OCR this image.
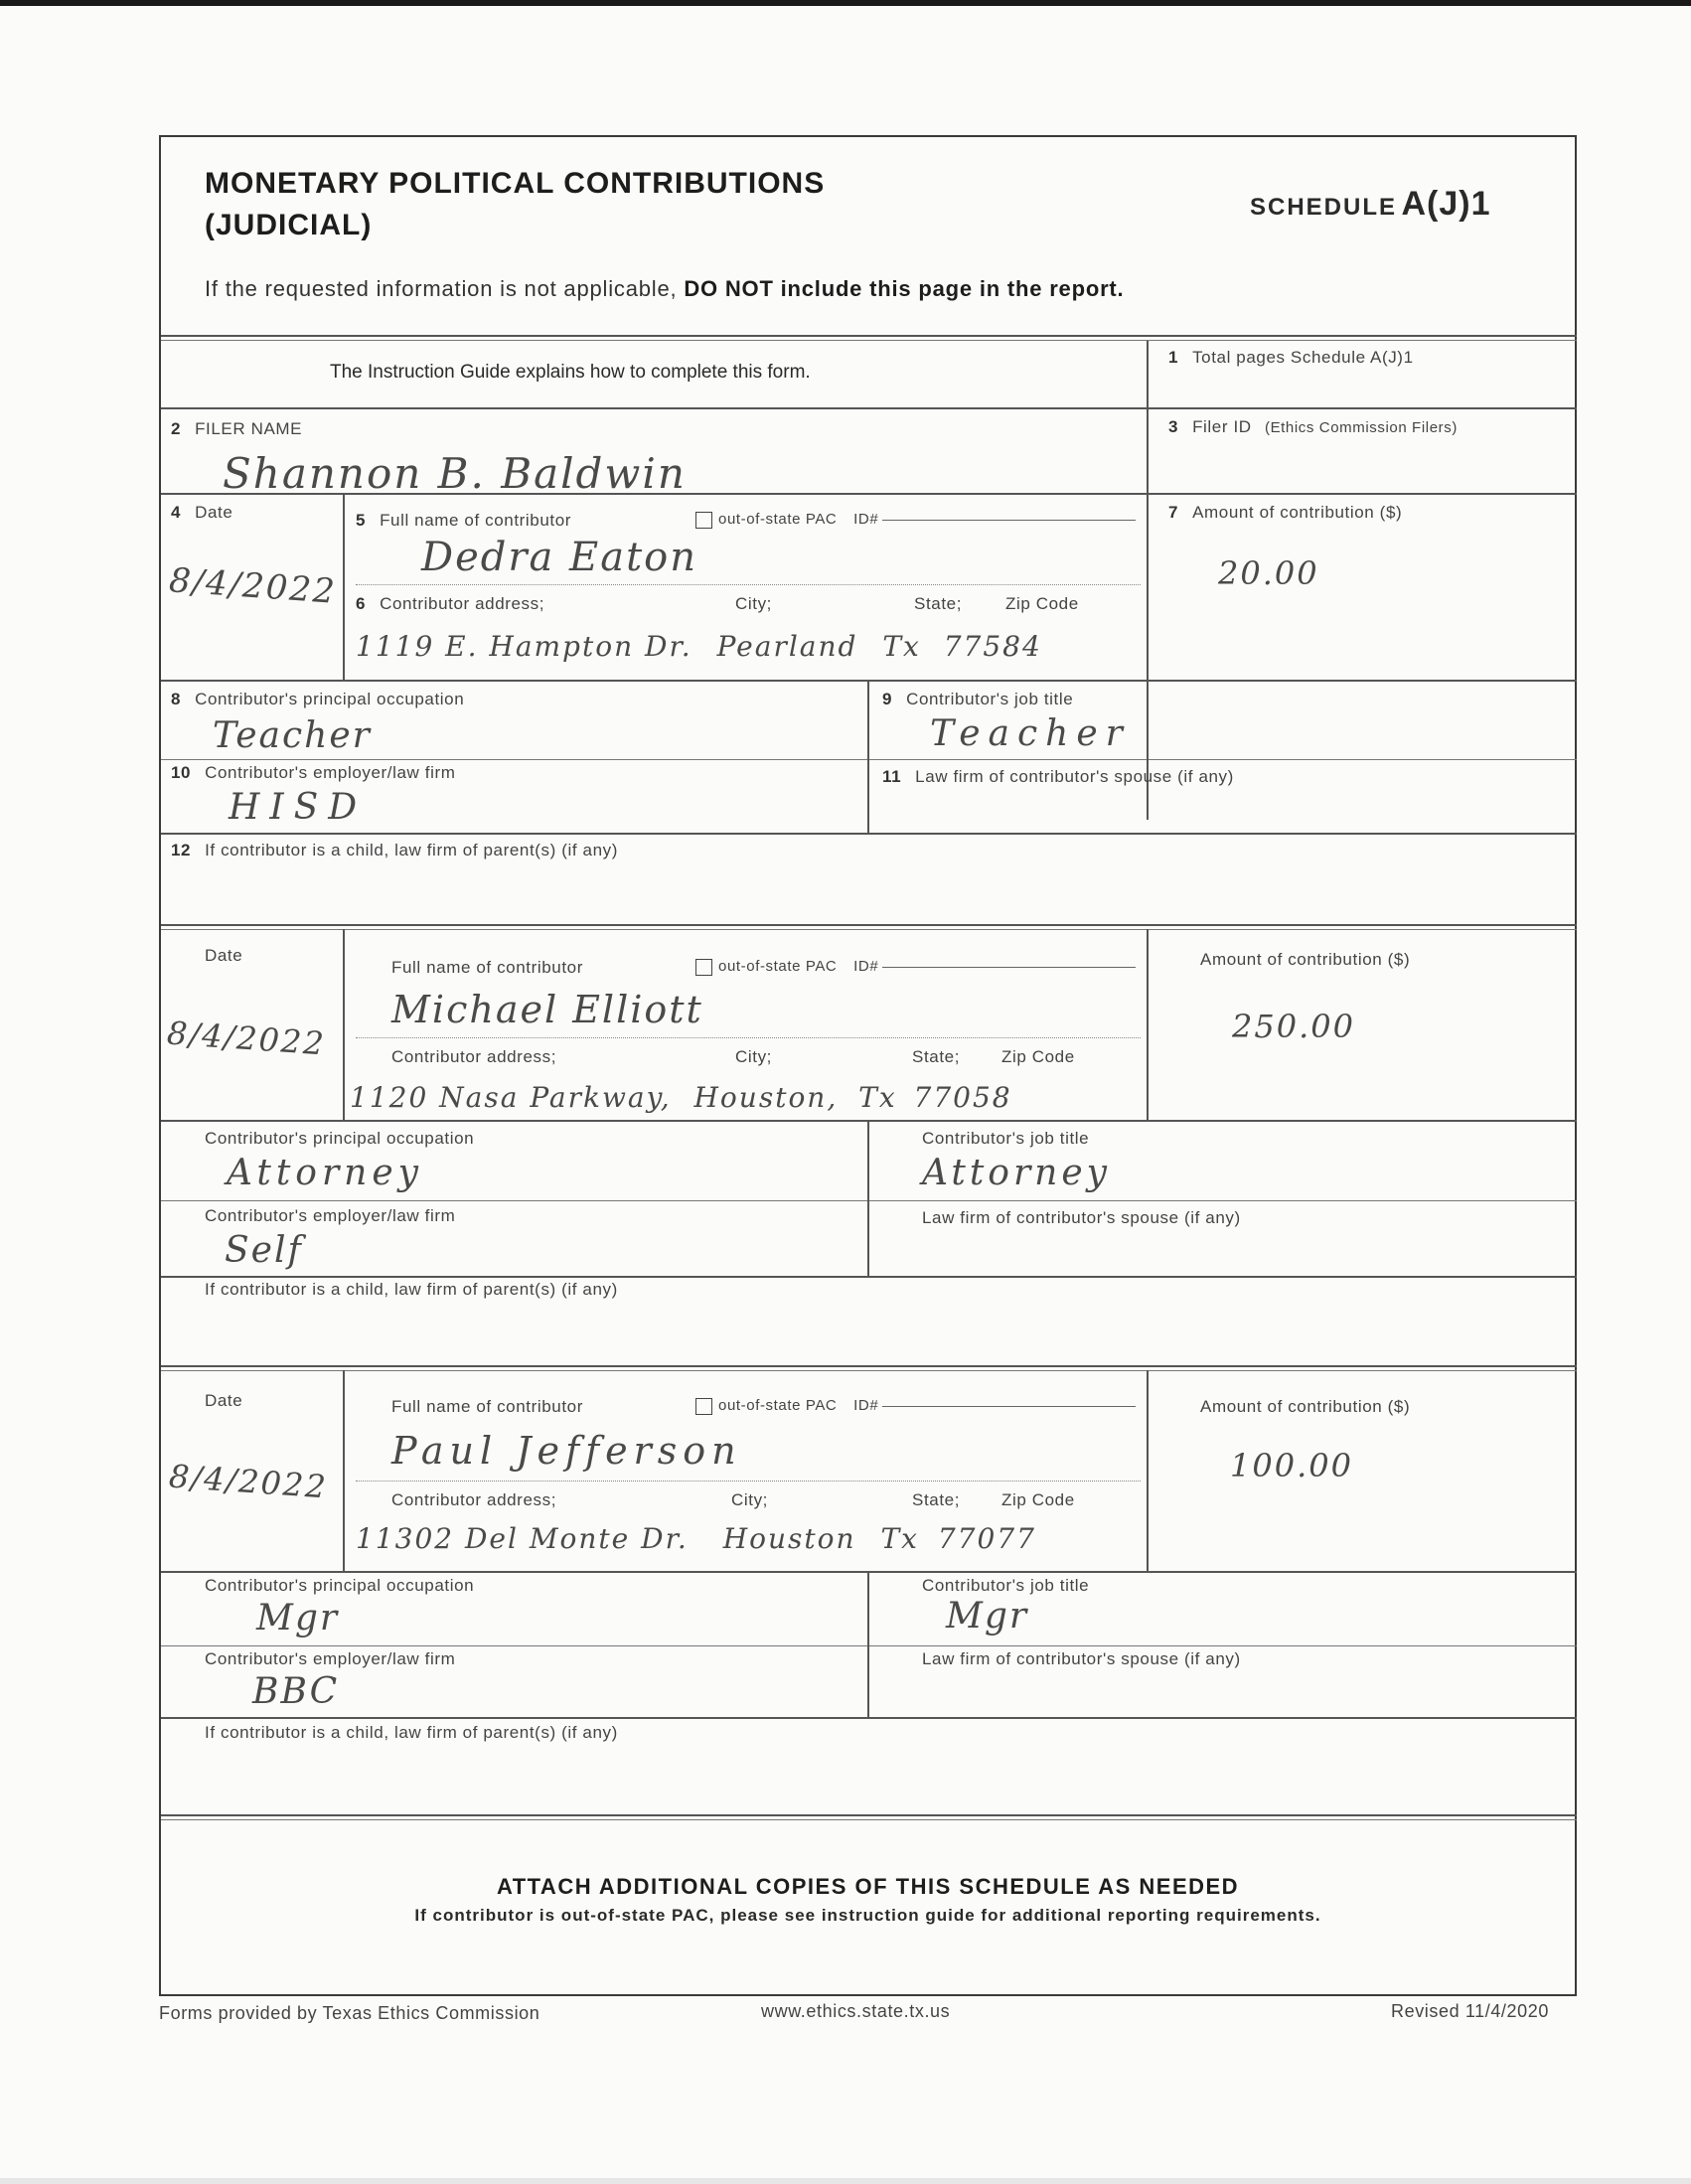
MONETARY POLITICAL CONTRIBUTIONS
(JUDICIAL)
SCHEDULE A(J)1
If the requested information is not applicable, DO NOT include this page in the report.
The Instruction Guide explains how to complete this form.
1 Total pages Schedule A(J)1
2 FILER NAME
Shannon B. Baldwin
3 Filer ID (Ethics Commission Filers)
4 Date
8/4/2022
5 Full name of contributor	out-of-state PAC ID#
Dedra Eaton
6 Contributor address;	City;	State;	Zip Code
1119 E. Hampton Dr. Pearland Tx 77584
7 Amount of contribution ($)
20.00
8 Contributor's principal occupation
Teacher
9 Contributor's job title
Teacher
10 Contributor's employer/law firm
HISD
11 Law firm of contributor's spouse (if any)
12 If contributor is a child, law firm of parent(s) (if any)
Date
8/4/2022
Full name of contributor	out-of-state PAC ID#
Michael Elliott
Contributor address;	City;	State; Zip Code
1120 Nasa Parkway, Houston, Tx 77058
Amount of contribution ($)
250.00
Contributor's principal occupation
Attorney
Contributor's job title
Attorney
Contributor's employer/law firm
Self
Law firm of contributor's spouse (if any)
If contributor is a child, law firm of parent(s) (if any)
Date
8/4/2022
Full name of contributor	out-of-state PAC ID#
Paul Jefferson
Contributor address;	City;	State; Zip Code
11302 Del Monte Dr. Houston Tx 77077
Amount of contribution ($)
100.00
Contributor's principal occupation
Mgr
Contributor's job title
Mgr
Contributor's employer/law firm
BBC
Law firm of contributor's spouse (if any)
If contributor is a child, law firm of parent(s) (if any)
ATTACH ADDITIONAL COPIES OF THIS SCHEDULE AS NEEDED
If contributor is out-of-state PAC, please see instruction guide for additional reporting requirements.
Forms provided by Texas Ethics Commission	www.ethics.state.tx.us	Revised 11/4/2020
